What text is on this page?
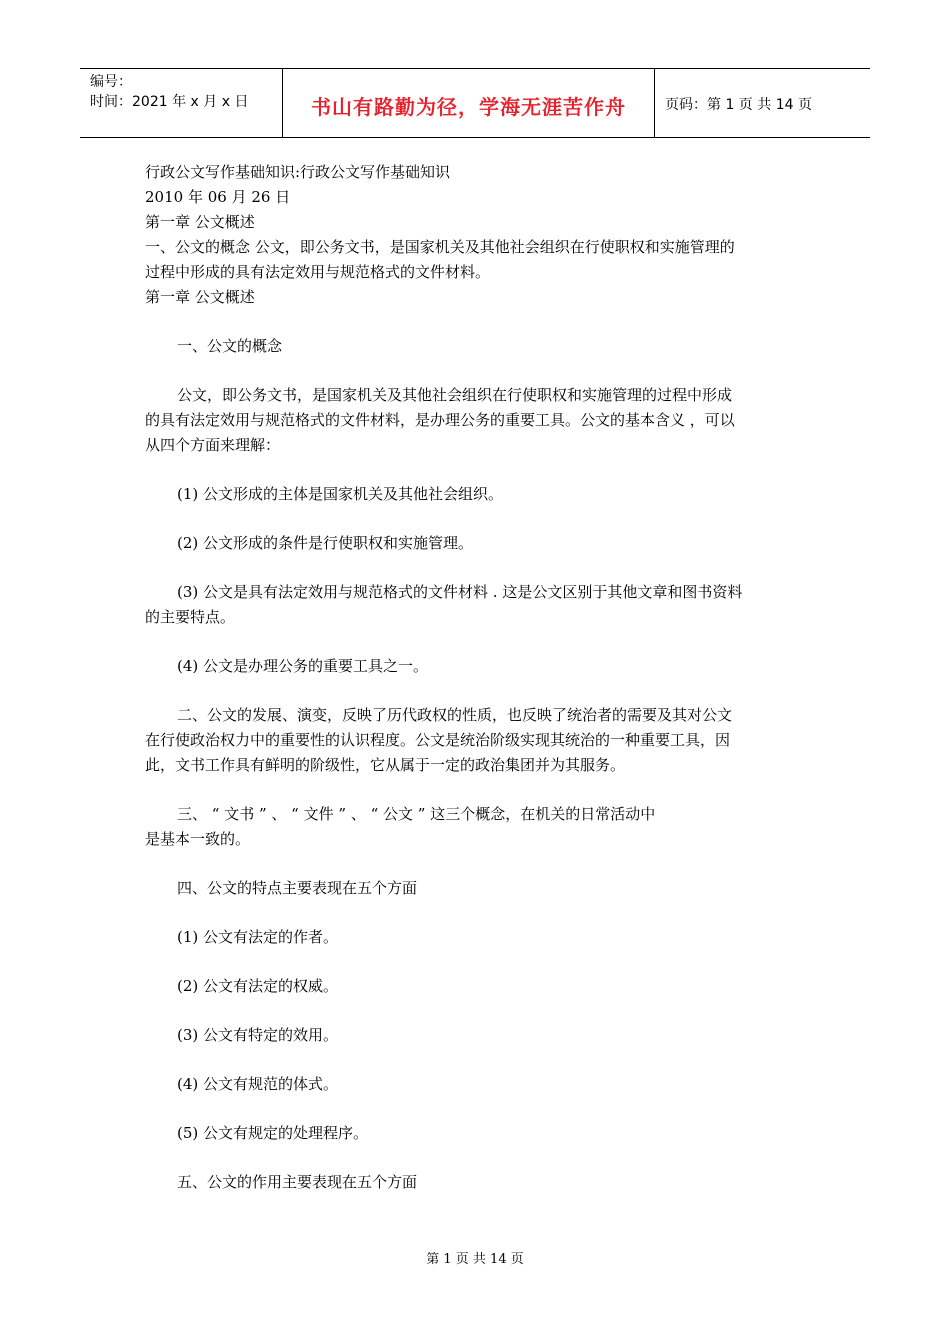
编号：
时间：2021 年 x 月 x 日	书山有路勤为径，学海无涯苦作舟	页码：第 1 页 共 14 页

行政公文写作基础知识:行政公文写作基础知识

2010 年 06 月 26 日

第一章 公文概述

一、公文的概念 公文，即公务文书，是国家机关及其他社会组织在行使职权和实施管理的

过程中形成的具有法定效用与规范格式的文件材料。

第一章 公文概述

一、公文的概念

公文，即公务文书，是国家机关及其他社会组织在行使职权和实施管理的过程中形成

的具有法定效用与规范格式的文件材料，是办理公务的重要工具。公文的基本含义 ，可以

从四个方面来理解：

(1) 公文形成的主体是国家机关及其他社会组织。

(2) 公文形成的条件是行使职权和实施管理。

(3) 公文是具有法定效用与规范格式的文件材料 . 这是公文区别于其他文章和图书资料

的主要特点。

(4) 公文是办理公务的重要工具之一。

二、公文的发展、演变，反映了历代政权的性质，也反映了统治者的需要及其对公文

在行使政治权力中的重要性的认识程度。公文是统治阶级实现其统治的一种重要工具，因

此，文书工作具有鲜明的阶级性，它从属于一定的政治集团并为其服务。

三、 “ 文书 ” 、 “ 文件 ” 、 “ 公文 ” 这三个概念，在机关的日常活动中

是基本一致的。

四、公文的特点主要表现在五个方面

(1) 公文有法定的作者。

(2) 公文有法定的权威。

(3) 公文有特定的效用。

(4) 公文有规范的体式。

(5) 公文有规定的处理程序。

五、公文的作用主要表现在五个方面

第 1 页 共 14 页
